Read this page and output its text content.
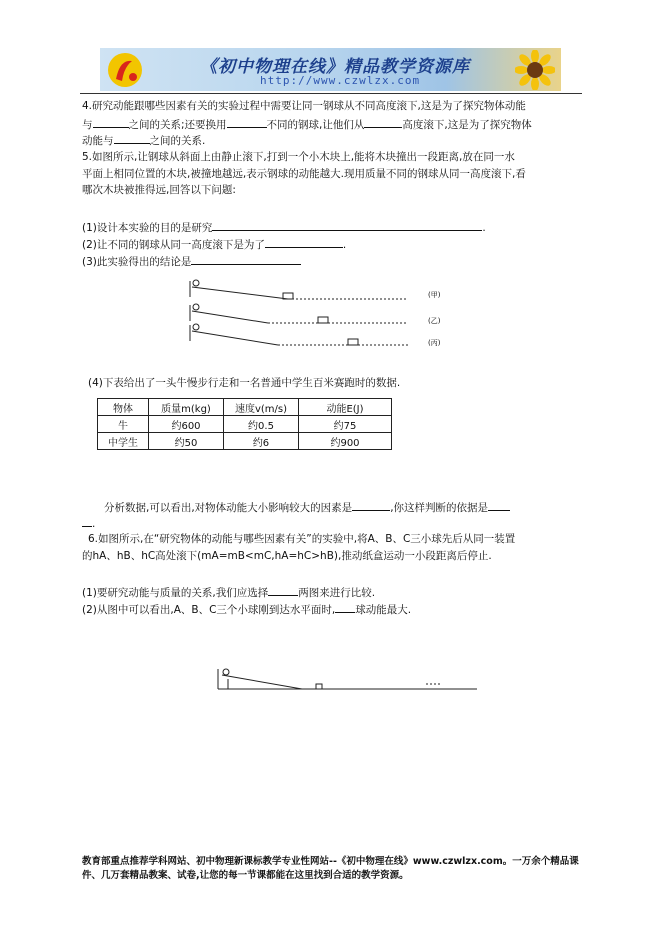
《初中物理在线》精品教学资源库
http://www.czwlzx.com
4.研究动能跟哪些因素有关的实验过程中需要让同一钢球从不同高度滚下,这是为了探究物体动能
与	之间的关系;还要换用	不同的钢球,让他们从	高度滚下,这是为了探究物体
动能与	之间的关系.
5.如图所示,让钢球从斜面上由静止滚下,打到一个小木块上,能将木块撞出一段距离,放在同一水
平面上相同位置的木块,被撞地越远,表示钢球的动能越大.现用质量不同的钢球从同一高度滚下,看
哪次木块被推得远,回答以下问题:
(1)设计本实验的目的是研究	.
(2)让不同的钢球从同一高度滚下是为了	.
(3)此实验得出的结论是
(甲)
(乙)
(丙)
(4)下表给出了一头牛慢步行走和一名普通中学生百米赛跑时的数据.
物体	质量m(kg)	速度v(m/s)	动能E(J)
牛	约600	约0.5	约75
中学生	约50	约6	约900
分析数据,可以看出,对物体动能大小影响较大的因素是	,你这样判断的依据是
.
6.如图所示,在“研究物体的动能与哪些因素有关”的实验中,将A、B、C三小球先后从同一装置
的hA、hB、hC高处滚下(mA=mB<mC,hA=hC>hB),推动纸盒运动一小段距离后停止.
(1)要研究动能与质量的关系,我们应选择	两图来进行比较.
(2)从图中可以看出,A、B、C三个小球刚到达水平面时, 球动能最大.
教育部重点推荐学科网站、初中物理新课标教学专业性网站--《初中物理在线》www.czwlzx.com。一万余个精品课
件、几万套精品教案、试卷,让您的每一节课都能在这里找到合适的教学资源。
